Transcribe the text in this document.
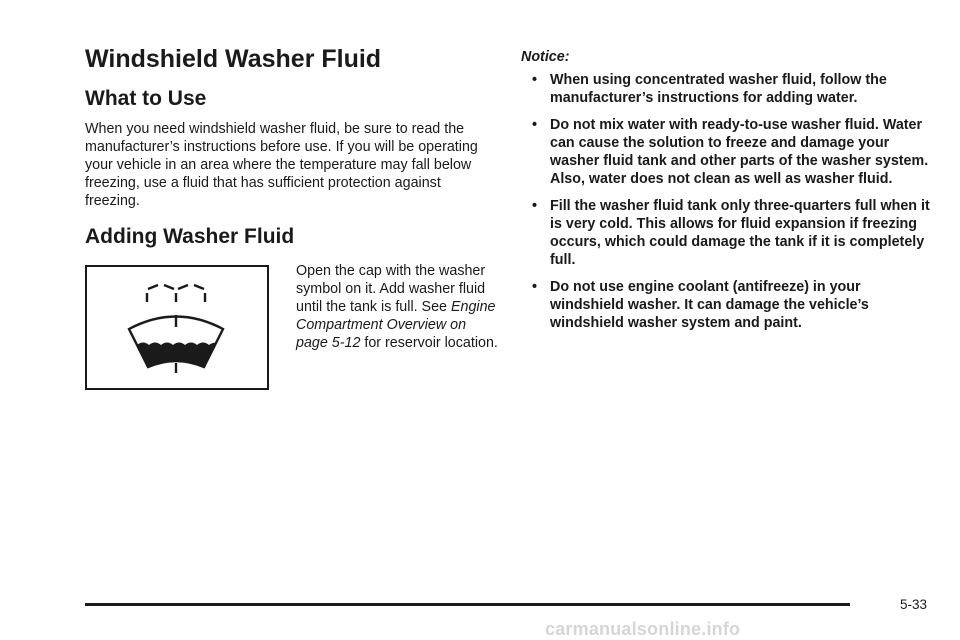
Windshield Washer Fluid
What to Use

When you need windshield washer fluid, be sure to read the manufacturer’s instructions before use. If you will be operating your vehicle in an area where the temperature may fall below freezing, use a fluid that has sufficient protection against freezing.

Adding Washer Fluid

Open the cap with the washer symbol on it. Add washer fluid until the tank is full. See Engine Compartment Overview on page 5-12 for reservoir location.

Notice:

• When using concentrated washer fluid, follow the manufacturer’s instructions for adding water.
• Do not mix water with ready-to-use washer fluid. Water can cause the solution to freeze and damage your washer fluid tank and other parts of the washer system. Also, water does not clean as well as washer fluid.
• Fill the washer fluid tank only three-quarters full when it is very cold. This allows for fluid expansion if freezing occurs, which could damage the tank if it is completely full.
• Do not use engine coolant (antifreeze) in your windshield washer. It can damage the vehicle’s windshield washer system and paint.
5-33
carmanualsonline.info
